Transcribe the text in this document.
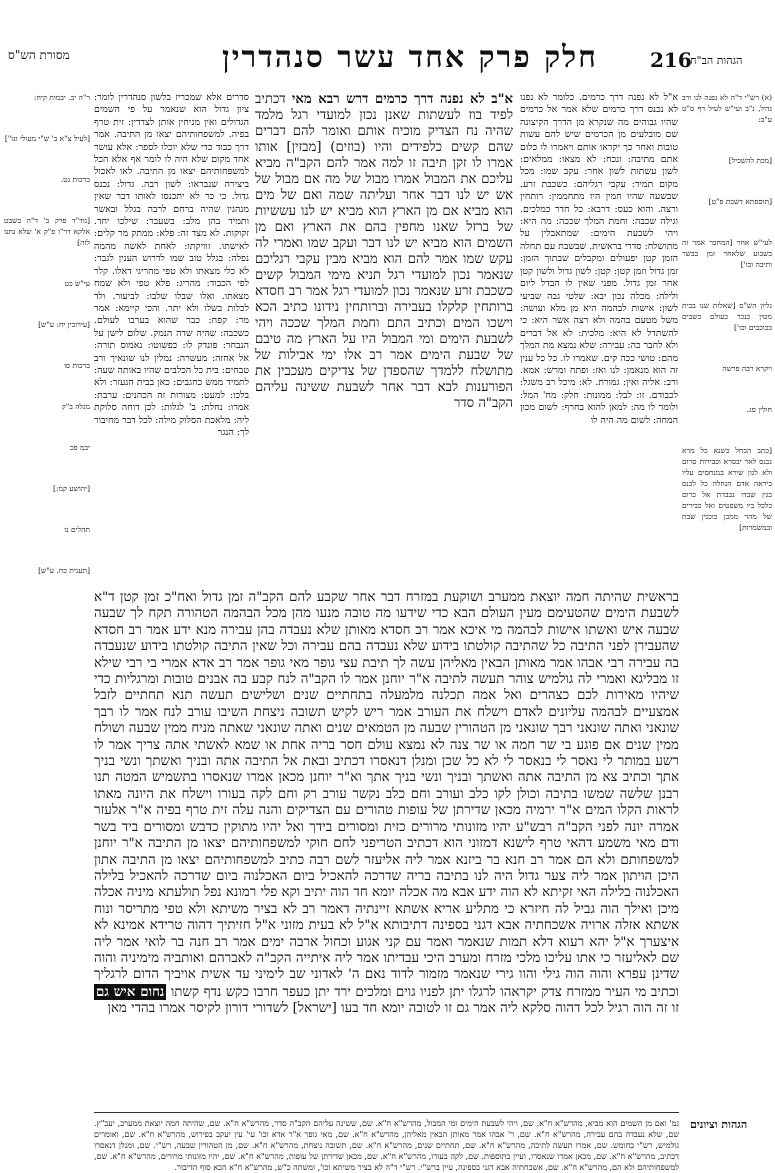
מסורת הש"ס	חלק פרק אחד עשר סנהדרין	216
הגהות הב"ח
ר"ה יב. יבמות קיח:
[לעיל צ"א ב' ש"י מעולי ונו"]
ברכות נט.
[נוד"ד פרק ב' ד"ה בשבט אלקא דר"ו פ"ק א' שלא נתנו לזה]
עי"ש כט
[עירובין יח: ע"ש]
ברכות סו
מגלה ב"ק
יבמ פכ
[יהושע קמ:]
תהלים נו
[תענית כח. ע"ש]
סדרים אלא שמכריז בלשון סנהדרין לומר: ציון גדול הוא שנאמר על פי השמים הגדולים ואין מניחין אותן לצדדין: זית טרף בפיה. למשפחותיהם יצאו מן התיבה. אמר דרך כבוד כדי שלא יוכלו לספר: אלא עושר אחד מקום שלא היה לו לומר אף אלא הכל למשפחותיהם יצאו מן התיבה. לאו לאכול ביצירה שנבראו: לשון רבה. גדול: נכנס גדול. כי כר לא יתכנסו לאותו דבר שאין מנהגין שהיה ברחם לרבה בגלל ובאשר ותמיד בהן מלב: בשעבר: שילכו יחד. זקוקות. לא מצד זה: פלא: ממתק מר קלים: לאישתו. זוויקתו: לאחת לאשה מהמה נפלה: בגלל טוב שמו לדרוש הענין לגבר: לא כלי מצאתו ולא טפי מהריגי דאלו. קלר לפי הכבוד: מהריג: פלא טפי ולא שמח מצאתו. ואלו שבלו שלבו: לביעור. ולד לכלות בשלו ולא יתר. והכי קיימא: אמר מר: קפח: כבר שהוא בערבו לעולם. כשכבה: שהיה שדה הנמק. שלום לישן על הנבחר: פונדק לו: כפשוטו: נאמוס תורה: אל אחזה: מעשרה: נמלין לנו שונאיך ורב טבחים: בית כל הכלבים שהיו באותה שעה: לתמיד ממש כחגבים: כאן בבית הנעזר: ולא בלכו: למעט: מצורות זה הכהנים: ערבת: אמרו: נחלת: ב' לגלות: לכן דוחה סלוקת ליה: מלאכת הסלוק מילה: לכל דבר מחיבור לך: הנגר
א"ב לא נפנה דרך כרמים דרש רבא מאי דכתיב לפיד בוז לעשתות שאנן נכון למועדי רגל מלמד שהיה נח הצדיק מוכיח אותם ואומר להם דברים שהם קשים כלפידים והיו (בוזים) [מבזין] אותו אמרו לו זקן תיבה זו למה אמר להם הקב"ה מביא עליכם את המבול אמרו מבול של מה אם מבול של אש יש לנו דבר אחר ועליתה שמה ואם של מים הוא מביא אם מן הארץ הוא מביא יש לנו עששיות של ברזל שאנו מחפין בהם את הארץ ואם מן השמים הוא מביא יש לנו דבר ועקב שמו ואמרי לה עקש שמו אמר להם הוא מביא מבין עקבי רגליכם שנאמר נכון למועדי רגל תניא מימי המבול קשים כשכבת זרע שנאמר נכון למועדי רגל אמר רב חסדא ברותחין קלקלו בעבירה וברותחין נידונו כתיב הכא וישכו המים וכתיב התם וחמת המלך שככה ויהי לשבעת הימים ומי המבול היו על הארץ מה טיבם של שבעת הימים אמר רב אלו ימי אבילות של מתושלח ללמדך שהספדן של צדיקים מעכבין את הפורענות לבא דבר אחר לשבעת ששינה עליהם הקב"ה סדר
א"ל לא נפנה דרך כרמים. כלומר לא נפנו לא נכנס דרך כרמים שלא אמר אל כרמים שהיו גבוהים מה שנקרא מן הדרך הקיצונה שם מובלעים מן הכרמים שיש להם עשות טובות ואחר כך יקראו אותם ויאמרו לו כלום אתם מתיבה: ונכח: לא מצאו: ממלאים: לשון עשתות לשון אחר: עקב שמו: מכל מקום תמיד: עקבי רגליהם: כשכבת זרע. שבשעה שהיו חמין היו מתחממין: רותחין ורצה. והוא כעס: דרבא: כל חדר כמלכים. וגילה שכבה: וחמת המלך שככה: מה היא: ויהי לשבעת הימים: שמתאבלין על מתושלח: סדרי בראשית. שבשבת עם תחלה הזמן קטן יפעולים ומקבלים שבתוך הזמן: זמן גדול וזמן קטן: קטן: לשון גדול ולשון קטן אחר זמן גדול. מפני שאין לו הבדל ליום ולילה: מכלה נכון יבא: שלטי גבה שביעי לשון: אישות לבהמה היא מן מלא ועושה: משל מטעם בהמה ולא רצה אשר היא: כי להשתדל לא היא: מלכית: לא אל דברים ולא לחבר כה: עבירה: שלא נמצא מת המלך מהם: טושי ככה קים. שאמרו לו. כל כל ענין זה הוא מנאמן: לנו ואז: ופתח ומרש: אמא. ורב: אליה ואין: גמורת. לא: מיכל רב משגל: לכבודם. זו: לבל: ממונות: חלק: מח' המל: ולומר לו מה: למאן להוא בחרף: לשום מכון המחה: לשום מה היה לו
(א) רש"י ד"ה לא נפנה לנו ורב גדול, נ"ב ועי"ש לעיל דף ס"ט ע"ב:
[מכת להשכיל]
[תוספתא דשבת פ"ט]
לעי"ש אחר [המחבר אמר זה בשבוע שלאחר זמן כבשר ותיבה וכו']
גליון הש"ס [שאלות שנו בבית מטין כנכר כעולם כשבים בכוכבים וכו']
ויקרא רבה פרשה
חולין סג.
[כתב הכחל כשנא כל מרא נכנס לאר יבסרא וכבירות סרום ולא לגון שירא במנחסים עליו ביראה אדם הנחלה כל לכנס בגין שבדו נכבדת אל כרום כלכל ביו משפטים ואל כבירים של מהר ממכן כוכנין שבת ובמשמרות]
בראשית שהיתה חמה יוצאת ממערב ושוקעת במזרח דבר אחר שקבע להם הקב"ה זמן גדול ואח"כ זמן קטן ד"א לשבעת הימים שהטעימם מעין העולם הבא כדי שידעו מה טובה מנעו מהן מכל הבהמה הטהורה תקח לך שבעה שבעה איש ואשתו אישות לבהמה מי איכא אמר רב חסדא מאותן שלא נעבדה בהן עבירה מנא ידע אמר רב חסדא שהעבירן לפני התיבה כל שהתיבה קולטתו בידוע שלא נעבדה בהם עבירה וכל שאין התיבה קולטתו בידוע שנעבדה בה עבירה רבי אבהו אמר מאותן הבאין מאליהן עשה לך תיבת עצי גופר מאי גופר אמר רב אדא אמרי בי רבי שילא זו מבליגא ואמרי לה גולמיש צוהר תעשה לתיבה א"ר יוחנן אמר לו הקב"ה לנח קבע בה אבנים טובות ומרגליות כדי שיהיו מאירות לכם כצהרים ואל אמה תכלנה מלמעלה בתחתיים שנים ושלישים תעשה תנא תחתיים לזבל אמצעיים לבהמה עליונים לאדם וישלח את העורב אמר ריש לקיש תשובה ניצחת השיבו עורב לנח אמר לו רבך שונאני ואתה שונאני רבך שונאני מן הטהורין שבעה מן הטמאים שנים ואתה שונאני שאתה מניח ממין שבעה ושולח ממין שנים אם פוגע בי שר חמה או שר צנה לא נמצא עולם חסר בריה אחת או שמא לאשתי אתה צריך אמר לו רשע במותר לי נאסר לי בנאסר לי לא כל שכן ומנלן דנאסרו דכתיב ובאת אל התיבה אתה ובניך ואשתך ונשי בניך אתך וכתיב צא מן התיבה אתה ואשתך ובניך ונשי בניך אתך וא"ר יוחנן מכאן אמרו שנאסרו בתשמיש המטה תנו רבנן שלשה שמשו בתיבה וכולן לקו כלב ועורב וחם כלב נקשר עורב רק וחם לקה בעורו וישלח את היונה מאתו לראות הקלו המים א"ר ירמיה מכאן שדירתן של עופות טהורים עם הצדיקים והנה עלה זית טרף בפיה א"ר אלעזר אמרה יונה לפני הקב"ה רבש"ע יהיו מזונותי מרורים כזית ומסורים בידך ואל יהיו מתוקין כדבש ומסורים ביד בשר ודם מאי משמע דהאי טרף לישנא דמזוני הוא דכתיב הטריפני לחם חוקי למשפחותיהם יצאו מן התיבה א"ר יוחנן למשפחותם ולא הם אמר רב חנא בר ביזנא אמר ליה אליעזר לשם רבה כתיב למשפחותיהם יצאו מן התיבה אתון היכן הויתון אמר ליה צער גדול היה לנו בתיבה בריה שדרכה להאכיל ביום האכלנוה ביום שדרכה להאכיל בלילה האכלנוה בלילה האי זקיתא לא הוה ידע אבא מה אכלה יומא חד הוה יתיב וקא פלי רמונא נפל תולעתא מיניה אכלה מיכן ואילך הוה גביל לה חיזרא כי מתליע אריא אשתא זיינתיה דאמר רב לא בציר משיתא ולא טפי מתריסר ונוח אשתא אזלה ארויה אשכחתיה אבא דגני בספינה דתיבותא א"ל לא בעית מזוני א"ל חזיתיך דהוה טרידא אמינא לא איצערך א"ל יהא רעוא דלא תמות שנאמר ואמר עם קני אגוע וכחול ארבה ימים אמר רב חנה בר לואי אמר ליה שם לאליעזר כי אתו עליכו מלכי מזרח ומערב היכי עבדיתו אמר ליה איתייה הקב"ה לאברהם ואותביה מימיניה והוה שדינן עפרא והוה הוה גילי והוו גירי שנאמר מזמור לדוד נאם ה' לאדוני שב לימיני עד אשית אויביך הדום לרגליך וכתיב מי העיר ממזרח צדק יקראהו לרגלו יתן לפניו גוים ומלכים ירד יתן כעפר חרבו כקש נדף קשתו נחום איש גם זו זה הוה רגיל לכל דהוה סלקא ליה אמר גם זו לטובה יומא חד בעו [ישראל] לשדורי דורון לקיסר אמרו בהדי מאן
הגהות וציונים
גמ' ואם מן השמים הוא מביא, מהרש"א ח"א. שם, ויהי לשבעת הימים ומי המבול, מהרש"א ח"א. שם, ששינה עליהם הקב"ה סדר, מהרש"א ח"א. שם, שהיתה חמה יוצאת ממערב, יעב"ץ. שם, שלא נעבדה בהם עבירה, מהרש"א ח"א. שם, ר' אבהו אמר מאותן הבאין מאליהן, מהרש"א ח"א. שם, מאי גופר א"ר אדא וכו' עי' עין יעקב בפירוש, מהרש"א ח"א. שם, ואומרים גולמיש, רש"י בחומש. שם, אמרו תעשה לתיבה, מהרש"א ח"א. שם, תחתיים שנים, מהרש"א ח"א. שם, תשובה ניצחת, מהרש"א ח"א. שם, מן הטהורין שבעה, רש"י. שם, ומנלן דנאסרו דכתיב, מהרש"א ח"א. שם, מכאן אמרו שנאסרו, ועיין בתוספות. שם, לקה בעורו, מהרש"א ח"א. שם, מכאן שדירתן של עופות, מהרש"א ח"א. שם, יהיו מזונותי מרורים, מהרש"א ח"א. שם, למשפחותיהם ולא הם, מהרש"א ח"א. שם, אשכחתיה אבא דגני בספינה, עיין ברש"י. רש"י ד"ה לא בציר משיתא וכו', ומשתה כ"ש, מהרש"א ח"א הכא סוף הדיבור.
